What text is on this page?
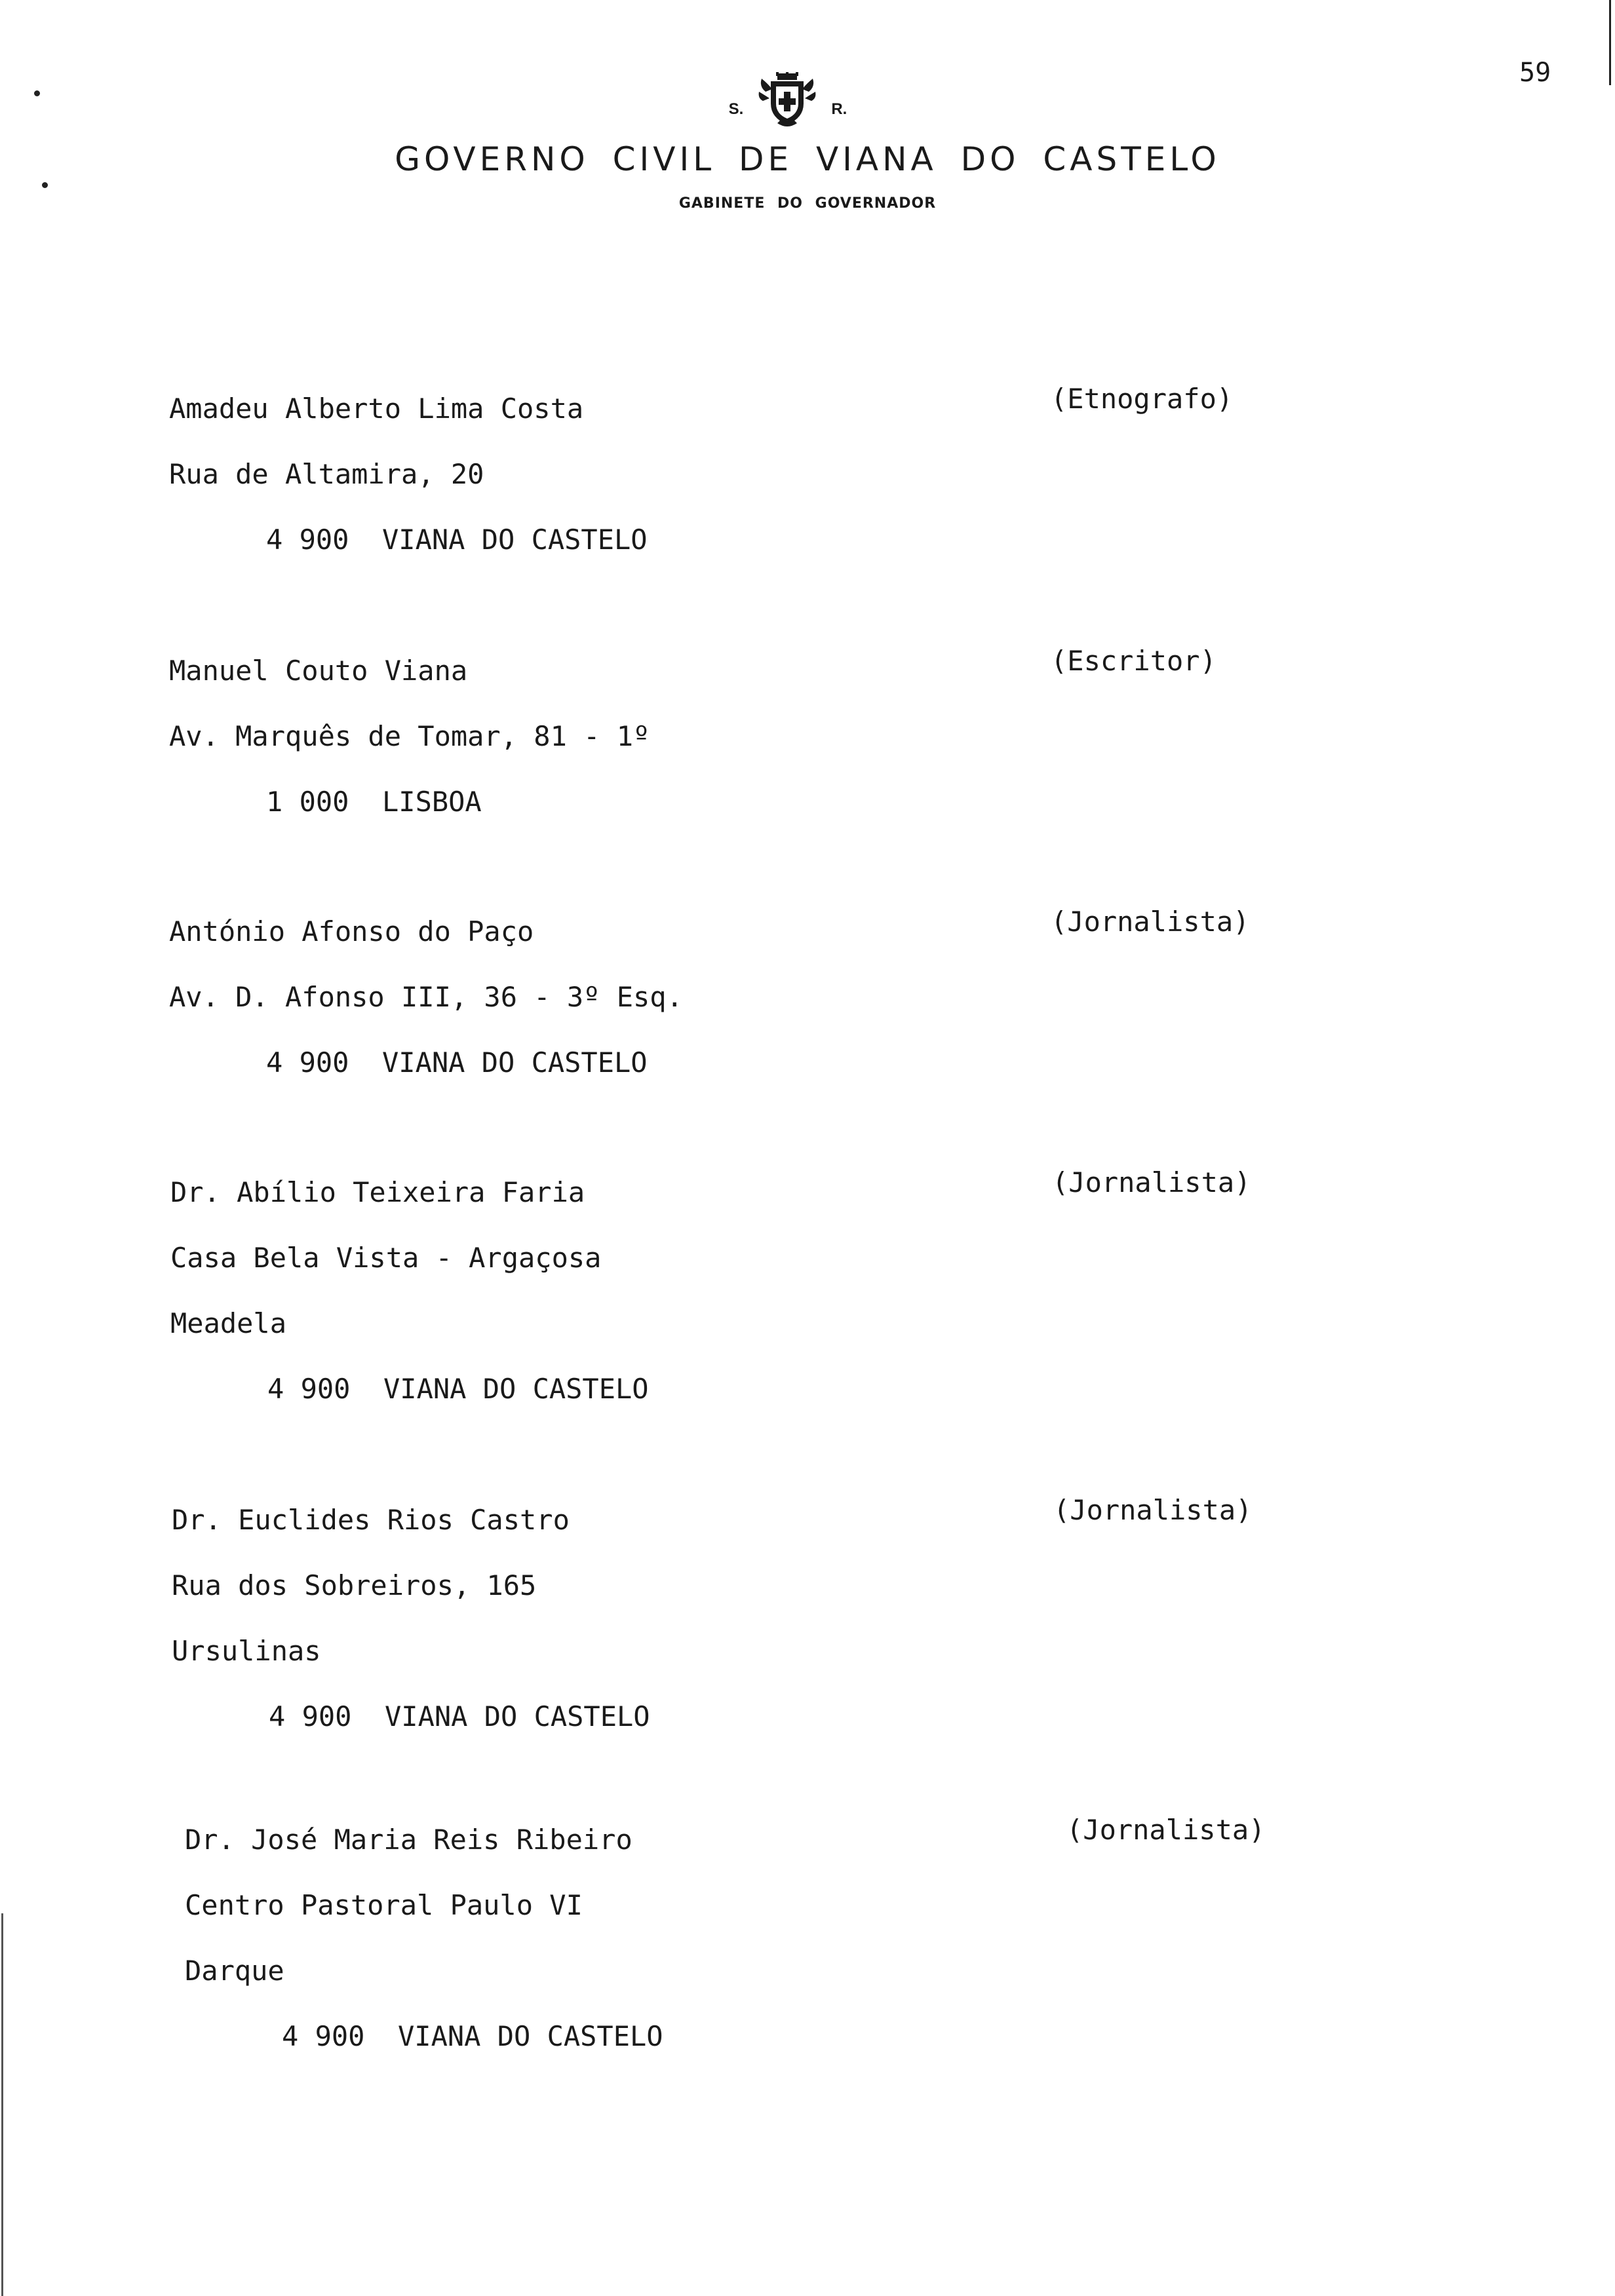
59
S.	R.
GOVERNO CIVIL DE VIANA DO CASTELO
GABINETE DO GOVERNADOR
(Etnografo)
Amadeu Alberto Lima Costa
Rua de Altamira, 20
4 900  VIANA DO CASTELO
(Escritor)
Manuel Couto Viana
Av. Marquês de Tomar, 81 - 1º
1 000  LISBOA
(Jornalista)
António Afonso do Paço
Av. D. Afonso III, 36 - 3º Esq.
4 900  VIANA DO CASTELO
(Jornalista)
Dr. Abílio Teixeira Faria
Casa Bela Vista - Argaçosa
Meadela
4 900  VIANA DO CASTELO
(Jornalista)
Dr. Euclides Rios Castro
Rua dos Sobreiros, 165
Ursulinas
4 900  VIANA DO CASTELO
(Jornalista)
Dr. José Maria Reis Ribeiro
Centro Pastoral Paulo VI
Darque
4 900  VIANA DO CASTELO
